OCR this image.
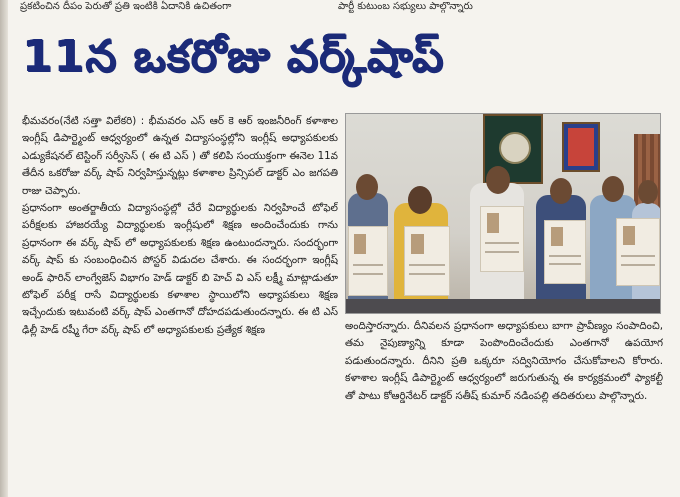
ప్రకటించిన దీపం పెరుతో ప్రతి ఇంటికి ఏదానికి ఉచితంగా	పార్టీ కుటుంబ సభ్యులు పాల్గొన్నారు
11న ఒకరోజు వర్క్‌షాప్

భీమవరం(నేటి సత్తా విలేకరి) : భీమవరం ఎస్ ఆర్ కె ఆర్ ఇంజనీరింగ్ కళాశాల ఇంగ్లీష్ డిపార్ట్మెంట్ ఆధ్వర్యంలో ఉన్నత విద్యాసంస్థల్లోని ఇంగ్లీష్ అధ్యాపకులకు ఎడ్యుకేషనల్ టెస్టింగ్ సర్వీసెస్ ( ఈ టి ఎస్ ) తో కలిపి సంయుక్తంగా ఈనెల 11వ తేదీన ఒకరోజు వర్క్ షాప్ నిర్వహిస్తున్నట్లు కళాశాల ప్రిన్సిపల్ డాక్టర్ ఎం జగపతి రాజు చెప్పారు.

ప్రధానంగా అంతర్జాతీయ విద్యాసంస్థల్లో చేరే విద్యార్థులకు నిర్వహించే టోఫెల్ పరీక్షలకు హాజరయ్యే విద్యార్థులకు ఇంగ్లీషులో శిక్షణ అందించేందుకు గాను ప్రధానంగా ఈ వర్క్ షాప్ లో అధ్యాపకులకు శిక్షణ ఉంటుందన్నారు. సందర్భంగా వర్క్ షాప్ కు సంబంధించిన పోస్టర్ విడుదల చేశారు. ఈ సందర్భంగా ఇంగ్లీష్ అండ్ ఫారిన్ లాంగ్వేజెస్ విభాగం హెడ్ డాక్టర్ బి హెచ్ వి ఎస్ లక్ష్మీ మాట్లాడుతూ టోఫెల్ పరీక్ష రాసే విద్యార్థులకు కళాశాల స్థాయిలోని అధ్యాపకులు శిక్షణ ఇచ్చేందుకు ఇటువంటి వర్క్ షాప్ ఎంతగానో దోహదపడుతుందన్నారు. ఈ టి ఎస్ ఢిల్లీ హెడ్ రష్మీ గేరా వర్క్ షాప్ లో అధ్యాపకులకు ప్రత్యేక శిక్షణ	అందిస్తారన్నారు. దీనివలన ప్రధానంగా అధ్యాపకులు బాగా ప్రావీణ్యం సంపాదించి, తమ నైపుణ్యాన్ని కూడా పెంపొందించేందుకు ఎంతగానో ఉపయోగ పడుతుందన్నారు. దీనిని ప్రతి ఒక్కరూ సద్వినియోగం చేసుకోవాలని కోరారు. కళాశాల ఇంగ్లీష్ డిపార్ట్మెంట్ ఆధ్వర్యంలో జరుగుతున్న ఈ కార్యక్రమంలో ఫ్యాకల్టీ తో పాటు కోఆర్డినేటర్ డాక్టర్ సతీష్ కుమార్ నడింపల్లి తదితరులు పాల్గొన్నారు.
